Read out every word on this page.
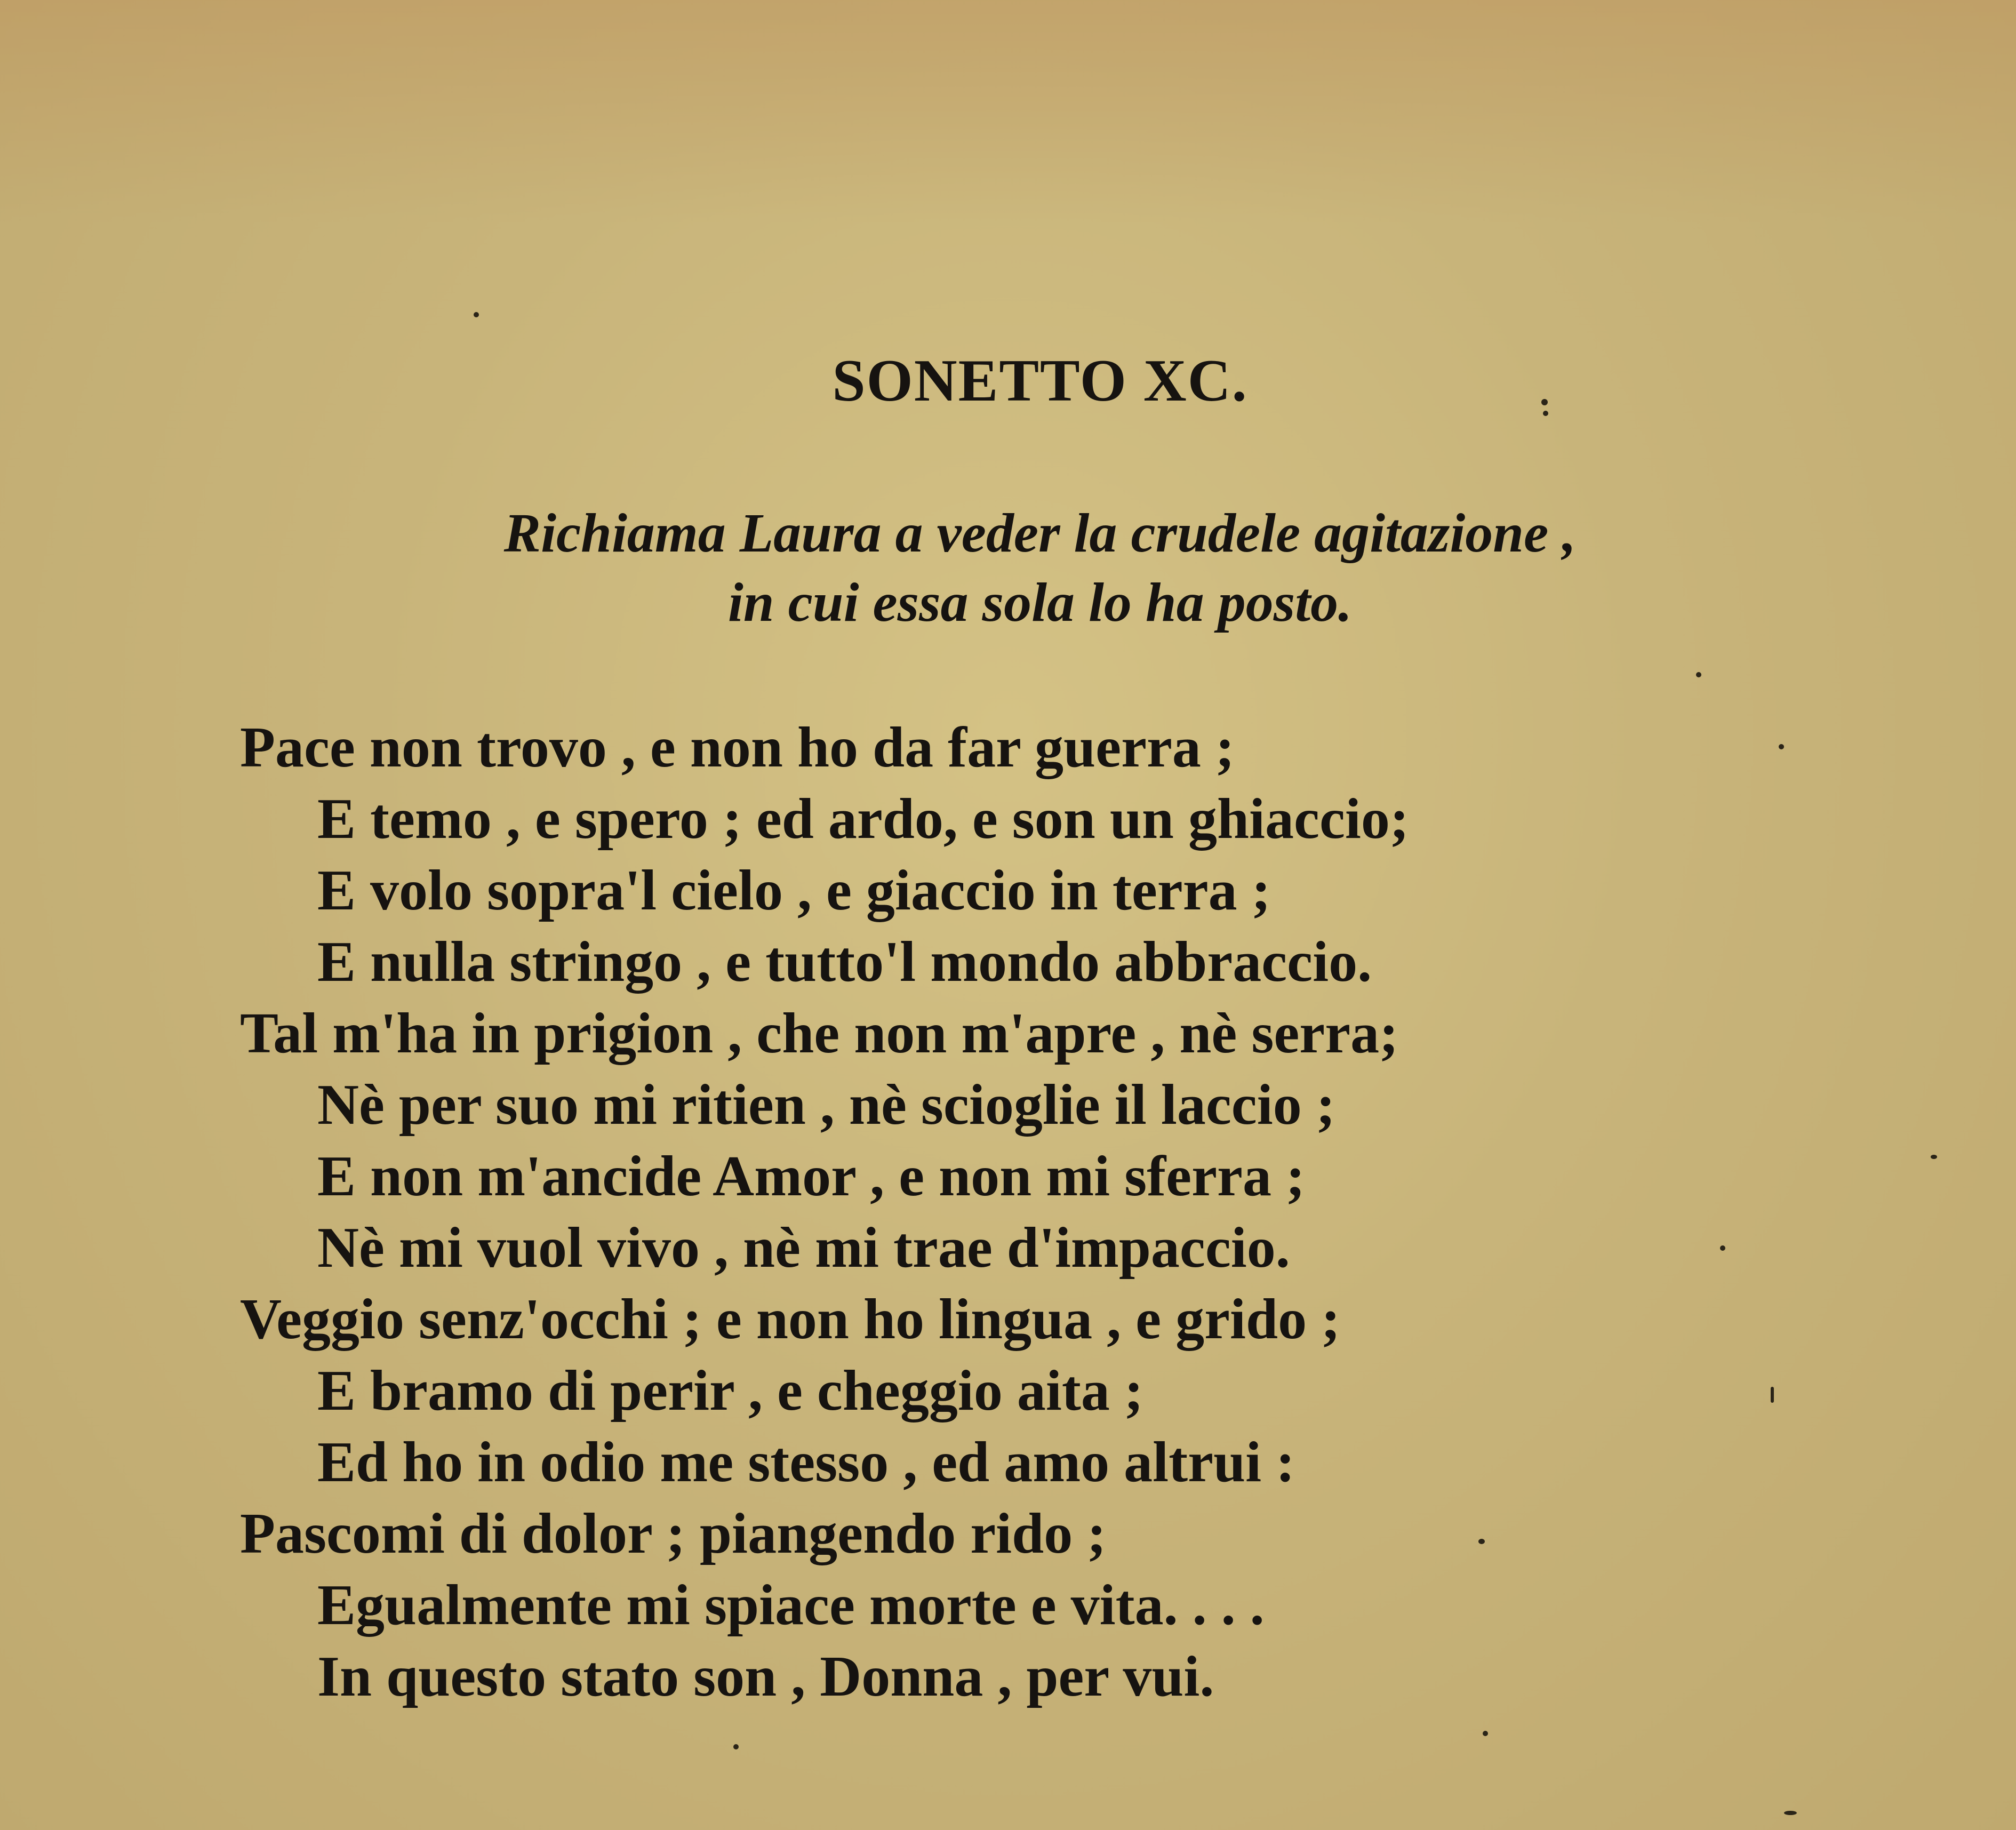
SONETTO XC.
Richiama Laura a veder la crudele agitazione ,
in cui essa sola lo ha posto.
Pace non trovo , e non ho da far guerra ;
E temo , e spero ; ed ardo, e son un ghiaccio;
E volo sopra'l cielo , e giaccio in terra ;
E nulla stringo , e tutto'l mondo abbraccio.
Tal m'ha in prigion , che non m'apre , nè serra;
Nè per suo mi ritien , nè scioglie il laccio ;
E non m'ancide Amor , e non mi sferra ;
Nè mi vuol vivo , nè mi trae d'impaccio.
Veggio senz'occhi ; e non ho lingua , e grido ;
E bramo di perir , e cheggio aita ;
Ed ho in odio me stesso , ed amo altrui :
Pascomi di dolor ; piangendo rido ;
Egualmente mi spiace morte e vita. . . .
In questo stato son , Donna , per vui.
